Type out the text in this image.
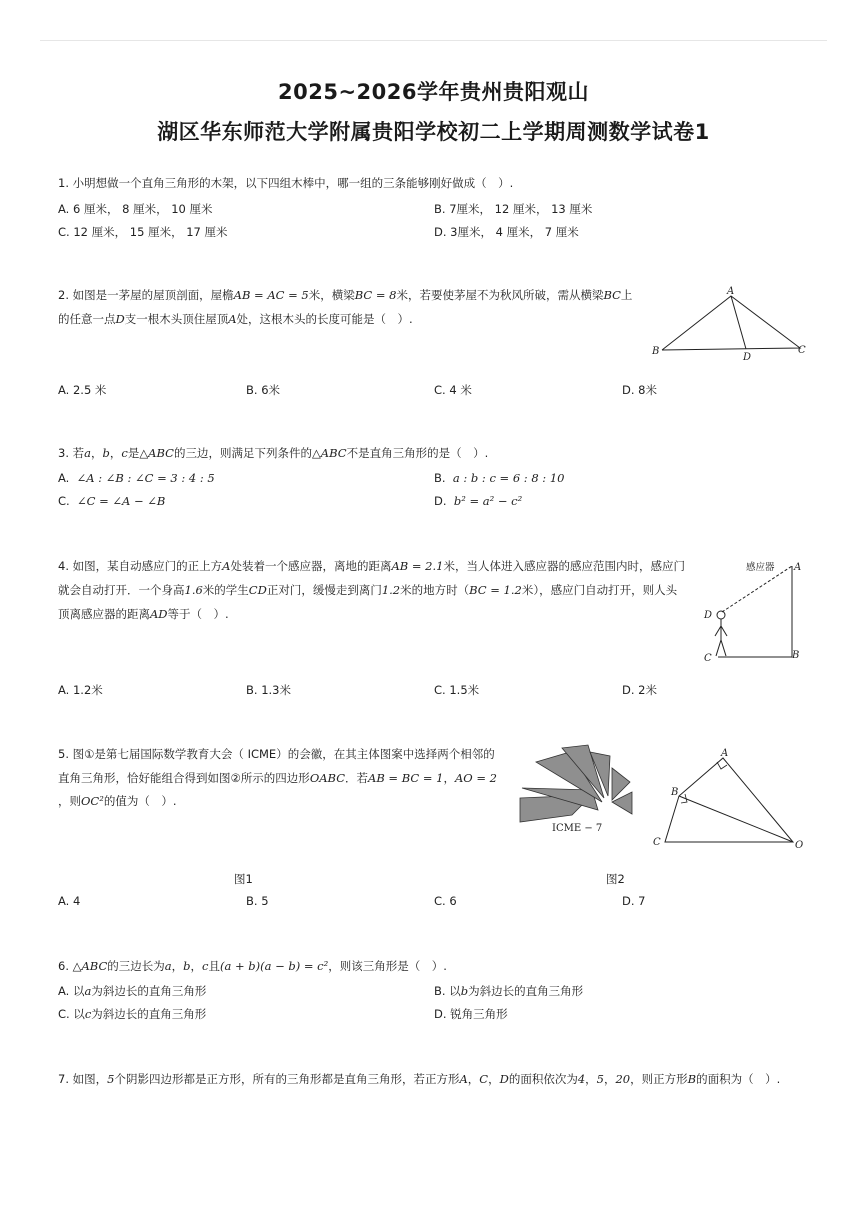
2025~2026学年贵州贵阳观山
湖区华东师范大学附属贵阳学校初二上学期周测数学试卷1
1. 小明想做一个直角三角形的木架，以下四组木棒中，哪一组的三条能够刚好做成（　）.
A. 6 厘米， 8 厘米， 10 厘米	B. 7厘米， 12 厘米， 13 厘米
C. 12 厘米， 15 厘米， 17 厘米	D. 3厘米， 4 厘米， 7 厘米
2. 如图是一茅屋的屋顶剖面，屋檐AB = AC = 5米，横梁BC = 8米，若要使茅屋不为秋风所破，需从横梁BC上
的任意一点D支一根木头顶住屋顶A处，这根木头的长度可能是（　）.
A
B	C
D
A. 2.5 米	B. 6米	C. 4 米	D. 8米
3. 若a，b，c是△ABC的三边，则满足下列条件的△ABC不是直角三角形的是（　）.
A. ∠A : ∠B : ∠C = 3 : 4 : 5	B. a : b : c = 6 : 8 : 10
C. ∠C = ∠A − ∠B	D. b² = a² − c²
4. 如图，某自动感应门的正上方A处装着一个感应器，离地的距离AB = 2.1米，当人体进入感应器的感应范围内时，感应门
就会自动打开．一个身高1.6米的学生CD正对门，缓慢走到离门1.2米的地方时（BC = 1.2米），感应门自动打开，则人头
顶离感应器的距离AD等于（　）.
感应器 A
D
C	B
A. 1.2米	B. 1.3米	C. 1.5米	D. 2米
5. 图①是第七届国际数学教育大会（ ICME）的会徽，在其主体图案中选择两个相邻的
直角三角形，恰好能组合得到如图②所示的四边形OABC．若AB = BC = 1，AO = 2
，则OC²的值为（　）.
ICME − 7
A
B
C	O
图1	图2
A. 4	B. 5	C. 6	D. 7
6. △ABC的三边长为a，b，c且(a + b)(a − b) = c²，则该三角形是（　）.
A. 以a为斜边长的直角三角形	B. 以b为斜边长的直角三角形
C. 以c为斜边长的直角三角形	D. 锐角三角形
7. 如图，5个阴影四边形都是正方形，所有的三角形都是直角三角形，若正方形A，C，D的面积依次为4，5，20，则正方形B的面积为（　）.
